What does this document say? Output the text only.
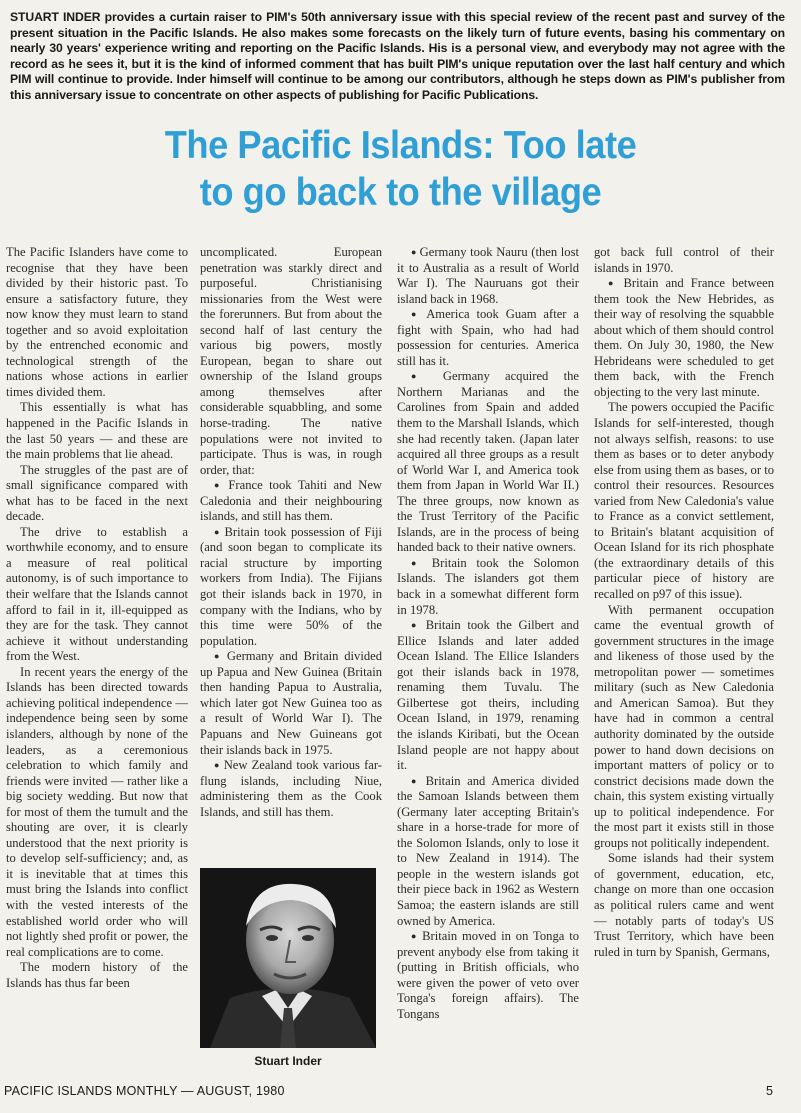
STUART INDER provides a curtain raiser to PIM's 50th anniversary issue with this special review of the recent past and survey of the present situation in the Pacific Islands. He also makes some forecasts on the likely turn of future events, basing his commentary on nearly 30 years' experience writing and reporting on the Pacific Islands. His is a personal view, and everybody may not agree with the record as he sees it, but it is the kind of informed comment that has built PIM's unique reputation over the last half century and which PIM will continue to provide. Inder himself will continue to be among our contributors, although he steps down as PIM's publisher from this anniversary issue to concentrate on other aspects of publishing for Pacific Publications.
The Pacific Islands: Too late
to go back to the village

The Pacific Islanders have come to recognise that they have been divided by their historic past. To ensure a satisfactory future, they now know they must learn to stand together and so avoid exploitation by the entrenched economic and technological strength of the nations whose actions in earlier times divided them.

This essentially is what has happened in the Pacific Islands in the last 50 years — and these are the main problems that lie ahead.

The struggles of the past are of small significance compared with what has to be faced in the next decade.

The drive to establish a worthwhile economy, and to ensure a measure of real political autonomy, is of such importance to their welfare that the Islands cannot afford to fail in it, ill-equipped as they are for the task. They cannot achieve it without understanding from the West.

In recent years the energy of the Islands has been directed towards achieving political independence — independence being seen by some islanders, although by none of the leaders, as a ceremonious celebration to which family and friends were invited — rather like a big society wedding. But now that for most of them the tumult and the shouting are over, it is clearly understood that the next priority is to develop self-sufficiency; and, as it is inevitable that at times this must bring the Islands into conflict with the vested interests of the established world order who will not lightly shed profit or power, the real complications are to come.

The modern history of the Islands has thus far been

uncomplicated. European penetration was starkly direct and purposeful. Christianising missionaries from the West were the forerunners. But from about the second half of last century the various big powers, mostly European, began to share out ownership of the Island groups among themselves after considerable squabbling, and some horse-trading. The native populations were not invited to participate. Thus is was, in rough order, that:

● France took Tahiti and New Caledonia and their neighbouring islands, and still has them.

● Britain took possession of Fiji (and soon began to complicate its racial structure by importing workers from India). The Fijians got their islands back in 1970, in company with the Indians, who by this time were 50% of the population.

● Germany and Britain divided up Papua and New Guinea (Britain then handing Papua to Australia, which later got New Guinea too as a result of World War I). The Papuans and New Guineans got their islands back in 1975.

● New Zealand took various far-flung islands, including Niue, administering them as the Cook Islands, and still has them.

Stuart Inder

● Germany took Nauru (then lost it to Australia as a result of World War I). The Nauruans got their island back in 1968.

● America took Guam after a fight with Spain, who had had possession for centuries. America still has it.

● Germany acquired the Northern Marianas and the Carolines from Spain and added them to the Marshall Islands, which she had recently taken. (Japan later acquired all three groups as a result of World War I, and America took them from Japan in World War II.) The three groups, now known as the Trust Territory of the Pacific Islands, are in the process of being handed back to their native owners.

● Britain took the Solomon Islands. The islanders got them back in a somewhat different form in 1978.

● Britain took the Gilbert and Ellice Islands and later added Ocean Island. The Ellice Islanders got their islands back in 1978, renaming them Tuvalu. The Gilbertese got theirs, including Ocean Island, in 1979, renaming the islands Kiribati, but the Ocean Island people are not happy about it.

● Britain and America divided the Samoan Islands between them (Germany later accepting Britain's share in a horse-trade for more of the Solomon Islands, only to lose it to New Zealand in 1914). The people in the western islands got their piece back in 1962 as Western Samoa; the eastern islands are still owned by America.

● Britain moved in on Tonga to prevent anybody else from taking it (putting in British officials, who were given the power of veto over Tonga's foreign affairs). The Tongans

got back full control of their islands in 1970.

● Britain and France between them took the New Hebrides, as their way of resolving the squabble about which of them should control them. On July 30, 1980, the New Hebrideans were scheduled to get them back, with the French objecting to the very last minute.

The powers occupied the Pacific Islands for self-interested, though not always selfish, reasons: to use them as bases or to deter anybody else from using them as bases, or to control their resources. Resources varied from New Caledonia's value to France as a convict settlement, to Britain's blatant acquisition of Ocean Island for its rich phosphate (the extraordinary details of this particular piece of history are recalled on p97 of this issue).

With permanent occupation came the eventual growth of government structures in the image and likeness of those used by the metropolitan power — sometimes military (such as New Caledonia and American Samoa). But they have had in common a central authority dominated by the outside power to hand down decisions on important matters of policy or to constrict decisions made down the chain, this system existing virtually up to political independence. For the most part it exists still in those groups not politically independent.

Some islands had their system of government, education, etc, change on more than one occasion as political rulers came and went — notably parts of today's US Trust Territory, which have been ruled in turn by Spanish, Germans,

PACIFIC ISLANDS MONTHLY — AUGUST, 1980	5
